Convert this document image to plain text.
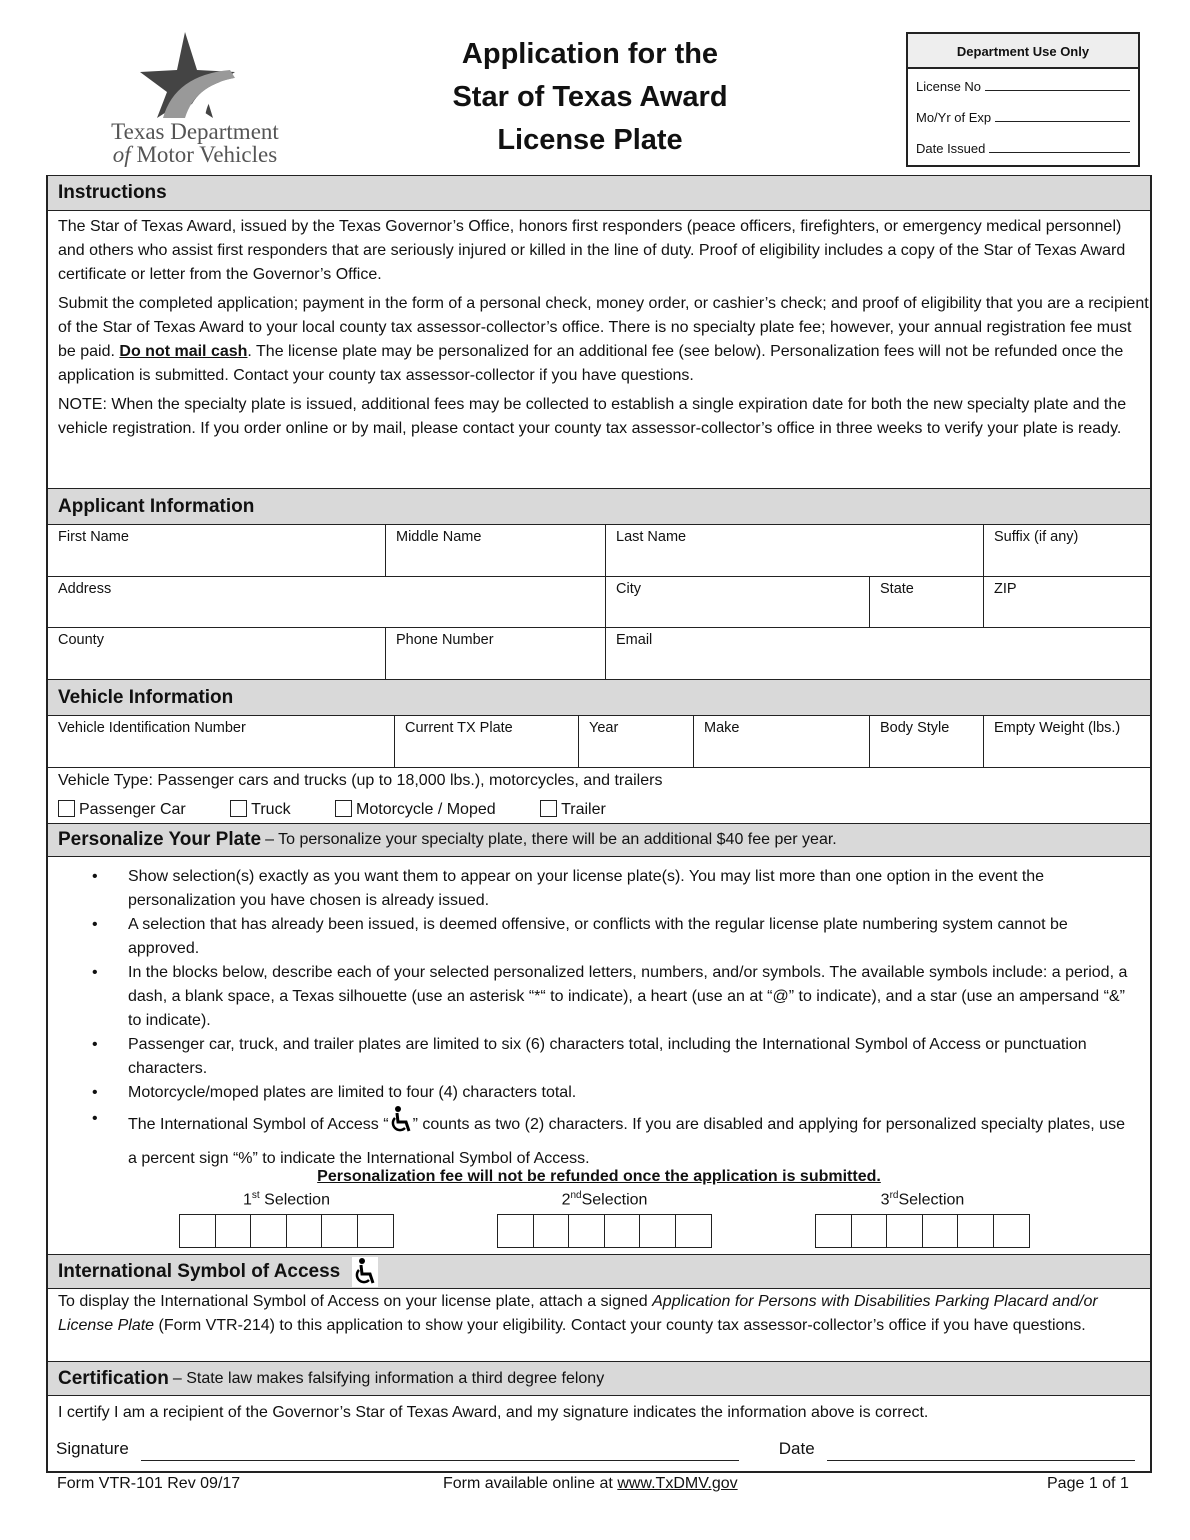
Texas Department
of Motor Vehicles
Application for the
Star of Texas Award
License Plate
Department Use Only
License No
Mo/Yr of Exp
Date Issued
Instructions

The Star of Texas Award, issued by the Texas Governor’s Office, honors first responders (peace officers, firefighters, or emergency medical personnel) and others who assist first responders that are seriously injured or killed in the line of duty. Proof of eligibility includes a copy of the Star of Texas Award certificate or letter from the Governor’s Office.

Submit the completed application; payment in the form of a personal check, money order, or cashier’s check; and proof of eligibility that you are a recipient of the Star of Texas Award to your local county tax assessor-collector’s office. There is no specialty plate fee; however, your annual registration fee must be paid. Do not mail cash. The license plate may be personalized for an additional fee (see below). Personalization fees will not be refunded once the application is submitted. Contact your county tax assessor-collector if you have questions.

NOTE: When the specialty plate is issued, additional fees may be collected to establish a single expiration date for both the new specialty plate and the vehicle registration. If you order online or by mail, please contact your county tax assessor-collector’s office in three weeks to verify your plate is ready.

Applicant Information
First Name	Middle Name	Last Name	Suffix (if any)
Address	City	State	ZIP
County	Phone Number	Email
Vehicle Information
Vehicle Identification Number	Current TX Plate	Year	Make	Body Style	Empty Weight (lbs.)
Vehicle Type: Passenger cars and trucks (up to 18,000 lbs.), motorcycles, and trailers
Passenger Car	Truck	Motorcycle / Moped	Trailer
Personalize Your Plate – To personalize your specialty plate, there will be an additional $40 fee per year.
• Show selection(s) exactly as you want them to appear on your license plate(s). You may list more than one option in the event the personalization you have chosen is already issued.
• A selection that has already been issued, is deemed offensive, or conflicts with the regular license plate numbering system cannot be approved.
• In the blocks below, describe each of your selected personalized letters, numbers, and/or symbols. The available symbols include: a period, a dash, a blank space, a Texas silhouette (use an asterisk “*“ to indicate), a heart (use an at “@” to indicate), and a star (use an ampersand “&” to indicate).
• Passenger car, truck, and trailer plates are limited to six (6) characters total, including the International Symbol of Access or punctuation characters.
• Motorcycle/moped plates are limited to four (4) characters total.
• The International Symbol of Access “ ” counts as two (2) characters. If you are disabled and applying for personalized specialty plates, use a percent sign “%” to indicate the International Symbol of Access.
Personalization fee will not be refunded once the application is submitted.
1st Selection	2ndSelection	3rdSelection
International Symbol of Access
To display the International Symbol of Access on your license plate, attach a signed Application for Persons with Disabilities Parking Placard and/or License Plate (Form VTR-214) to this application to show your eligibility. Contact your county tax assessor-collector’s office if you have questions.
Certification – State law makes falsifying information a third degree felony
I certify I am a recipient of the Governor’s Star of Texas Award, and my signature indicates the information above is correct.
Signature	Date
Form VTR-101 Rev 09/17	Form available online at www.TxDMV.gov	Page 1 of 1
